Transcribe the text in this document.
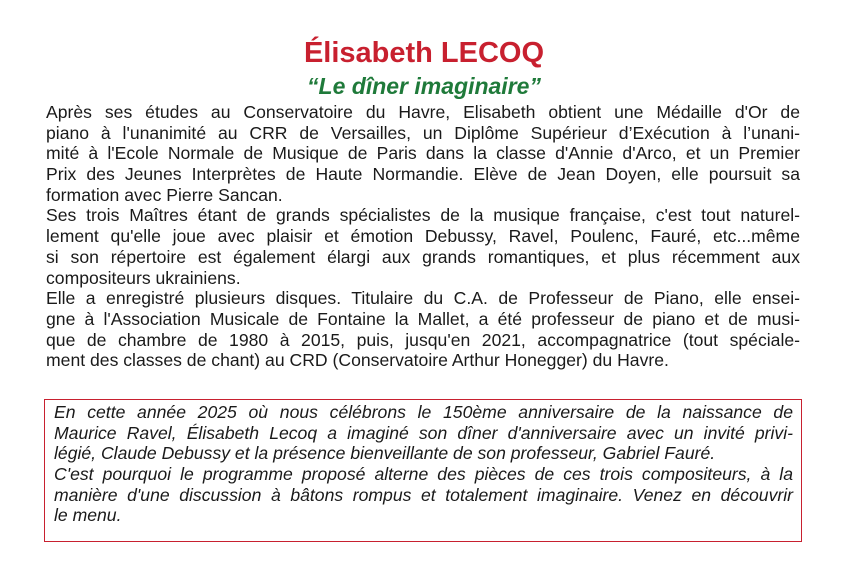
Élisabeth LECOQ
“Le dîner imaginaire”
Après ses études au Conservatoire du Havre, Elisabeth obtient une Médaille d'Or de
piano à l'unanimité au CRR de Versailles, un Diplôme Supérieur d’Exécution à l’unani-
mité à l'Ecole Normale de Musique de Paris dans la classe d'Annie d'Arco, et un Premier
Prix des Jeunes Interprètes de Haute Normandie. Elève de Jean Doyen, elle poursuit sa
formation avec Pierre Sancan.
Ses trois Maîtres étant de grands spécialistes de la musique française, c'est tout naturel-
lement qu'elle joue avec plaisir et émotion Debussy, Ravel, Poulenc, Fauré, etc...même
si son répertoire est également élargi aux grands romantiques, et plus récemment aux
compositeurs ukrainiens.
Elle a enregistré plusieurs disques. Titulaire du C.A. de Professeur de Piano, elle ensei-
gne à l'Association Musicale de Fontaine la Mallet, a été professeur de piano et de musi-
que de chambre de 1980 à 2015, puis, jusqu'en 2021, accompagnatrice (tout spéciale-
ment des classes de chant) au CRD (Conservatoire Arthur Honegger) du Havre.
En cette année 2025 où nous célébrons le 150ème anniversaire de la naissance de
Maurice Ravel, Élisabeth Lecoq a imaginé son dîner d'anniversaire avec un invité privi-
légié, Claude Debussy et la présence bienveillante de son professeur, Gabriel Fauré.
C'est pourquoi le programme proposé alterne des pièces de ces trois compositeurs, à la
manière d'une discussion à bâtons rompus et totalement imaginaire. Venez en découvrir
le menu.
